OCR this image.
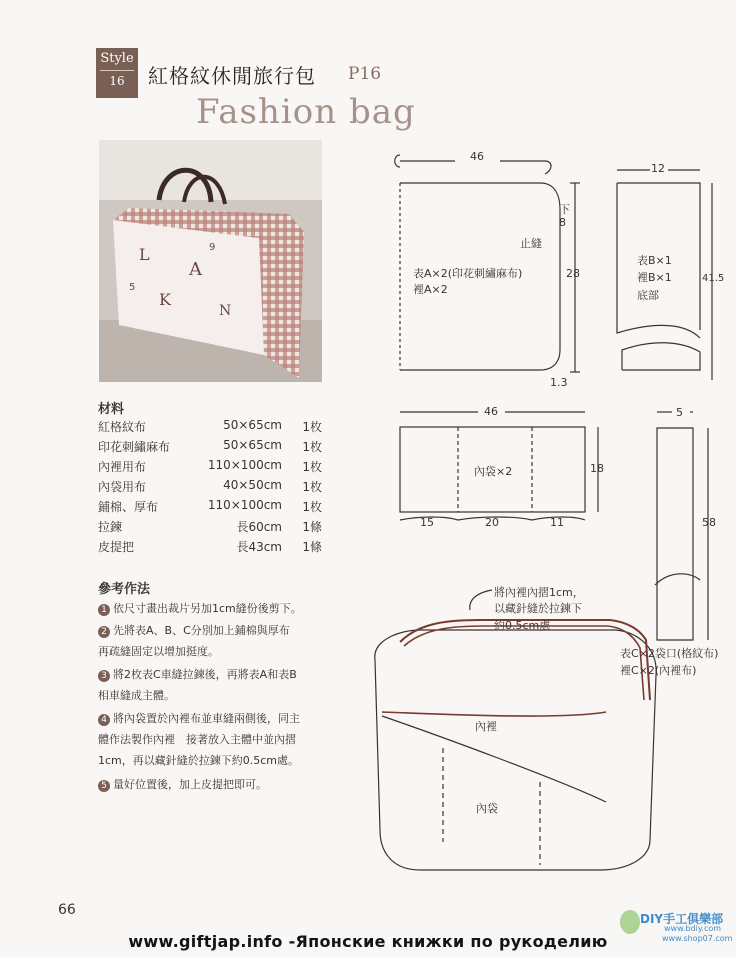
Style
16	紅格紋休閒旅行包 P16
Fashion bag
L
A
K
N
5
9
材料
紅格紋布	50×65cm 1枚
印花刺繡麻布	50×65cm 1枚
內裡用布	110×100cm 1枚
內袋用布	40×50cm 1枚
鋪棉、厚布	110×100cm 1枚
拉鍊	長60cm 1條
皮提把	長43cm 1條
參考作法
1 依尺寸畫出裁片另加1cm縫份後剪下。
2 先將表A、B、C分別加上鋪棉與厚布
再疏縫固定以增加挺度。
3 將2枚表C車縫拉鍊後，再將表A和表B
相車縫成主體。
4 將內袋置於內裡布並車縫兩側後，同主
體作法製作內裡　接著放入主體中並內摺
1cm，再以藏針縫於拉鍊下約0.5cm處。
5 量好位置後，加上皮提把即可。
46
下8
止縫
28
1.3
表A×2(印花刺繡麻布)
裡A×2
12
41.5
表B×1
裡B×1
底部
46
18
內袋×2
15	20	11
5
58
表C×2袋口(格紋布)
裡C×2(內裡布)
將內裡內摺1cm，
以藏針縫於拉鍊下
約0.5cm處
內裡
內袋
66
DIY手工俱樂部
www.bdiy.com
www.shop07.com
www.giftjap.info -Японские книжки по рукоделию
